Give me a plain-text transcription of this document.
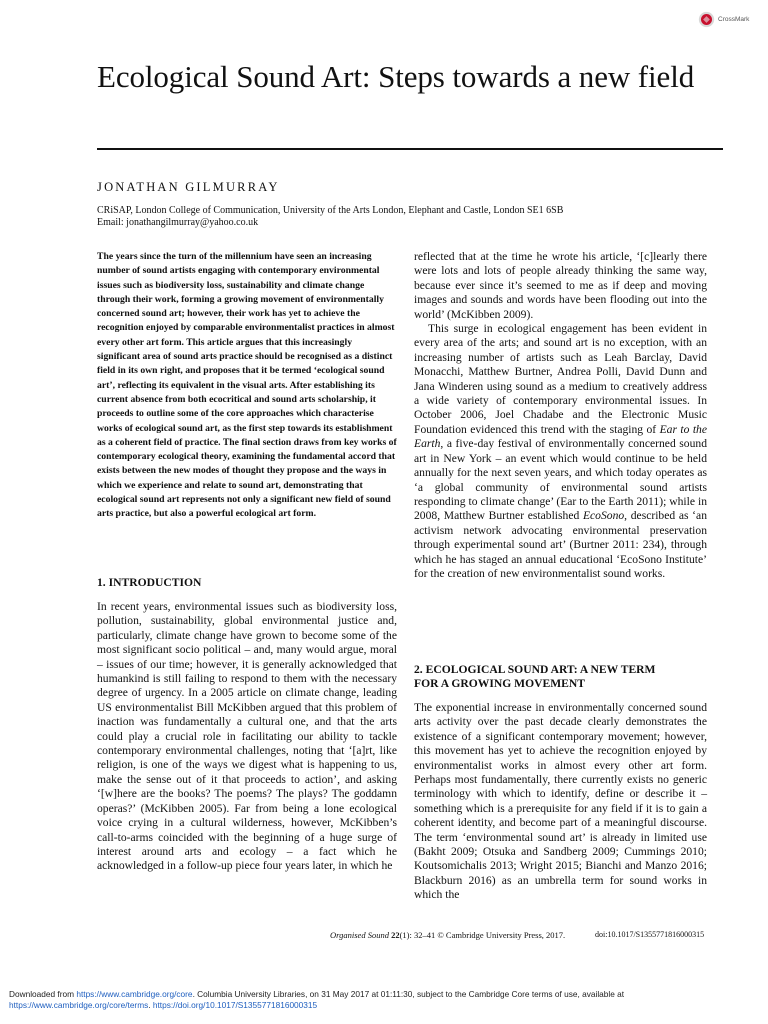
CrossMark
Ecological Sound Art: Steps towards a new field
JONATHAN GILMURRAY
CRiSAP, London College of Communication, University of the Arts London, Elephant and Castle, London SE1 6SB
Email: jonathangilmurray@yahoo.co.uk

The years since the turn of the millennium have seen an increasing number of sound artists engaging with contemporary environmental issues such as biodiversity loss, sustainability and climate change through their work, forming a growing movement of environmentally concerned sound art; however, their work has yet to achieve the recognition enjoyed by comparable environmentalist practices in almost every other art form. This article argues that this increasingly significant area of sound arts practice should be recognised as a distinct field in its own right, and proposes that it be termed ‘ecological sound art’, reflecting its equivalent in the visual arts. After establishing its current absence from both ecocritical and sound arts scholarship, it proceeds to outline some of the core approaches which characterise works of ecological sound art, as the first step towards its establishment as a coherent field of practice. The final section draws from key works of contemporary ecological theory, examining the fundamental accord that exists between the new modes of thought they propose and the ways in which we experience and relate to sound art, demonstrating that ecological sound art represents not only a significant new field of sound arts practice, but also a powerful ecological art form.

1. INTRODUCTION

In recent years, environmental issues such as biodiversity loss, pollution, sustainability, global environmental justice and, particularly, climate change have grown to become some of the most significant socio political – and, many would argue, moral – issues of our time; however, it is generally acknowledged that humankind is still failing to respond to them with the necessary degree of urgency. In a 2005 article on climate change, leading US environmentalist Bill McKibben argued that this problem of inaction was fundamentally a cultural one, and that the arts could play a crucial role in facilitating our ability to tackle contemporary environmental challenges, noting that ‘[a]rt, like religion, is one of the ways we digest what is happening to us, make the sense out of it that proceeds to action’, and asking ‘[w]here are the books? The poems? The plays? The goddamn operas?’ (McKibben 2005). Far from being a lone ecological voice crying in a cultural wilderness, however, McKibben’s call-to-arms coincided with the beginning of a huge surge of interest around arts and ecology – a fact which he acknowledged in a follow-up piece four years later, in which he

reflected that at the time he wrote his article, ‘[c]learly there were lots and lots of people already thinking the same way, because ever since it’s seemed to me as if deep and moving images and sounds and words have been flooding out into the world’ (McKibben 2009).

This surge in ecological engagement has been evident in every area of the arts; and sound art is no exception, with an increasing number of artists such as Leah Barclay, David Monacchi, Matthew Burtner, Andrea Polli, David Dunn and Jana Winderen using sound as a medium to creatively address a wide variety of contemporary environmental issues. In October 2006, Joel Chadabe and the Electronic Music Foundation evidenced this trend with the staging of Ear to the Earth, a five-day festival of environmentally concerned sound art in New York – an event which would continue to be held annually for the next seven years, and which today operates as ‘a global community of environmental sound artists responding to climate change’ (Ear to the Earth 2011); while in 2008, Matthew Burtner established EcoSono, described as ‘an activism network advocating environmental preservation through experimental sound art’ (Burtner 2011: 234), through which he has staged an annual educational ‘EcoSono Institute’ for the creation of new environmentalist sound works.

2. ECOLOGICAL SOUND ART: A NEW TERM
FOR A GROWING MOVEMENT

The exponential increase in environmentally concerned sound arts activity over the past decade clearly demonstrates the existence of a significant contemporary movement; however, this movement has yet to achieve the recognition enjoyed by environmentalist works in almost every other art form. Perhaps most fundamentally, there currently exists no generic terminology with which to identify, define or describe it – something which is a prerequisite for any field if it is to gain a coherent identity, and become part of a meaningful discourse. The term ‘environmental sound art’ is already in limited use (Bakht 2009; Otsuka and Sandberg 2009; Cummings 2010; Koutsomichalis 2013; Wright 2015; Bianchi and Manzo 2016; Blackburn 2016) as an umbrella term for sound works in which the

Organised Sound 22(1): 32–41 © Cambridge University Press, 2017.	doi:10.1017/S1355771816000315
Downloaded from https://www.cambridge.org/core. Columbia University Libraries, on 31 May 2017 at 01:11:30, subject to the Cambridge Core terms of use, available at
https://www.cambridge.org/core/terms. https://doi.org/10.1017/S1355771816000315
